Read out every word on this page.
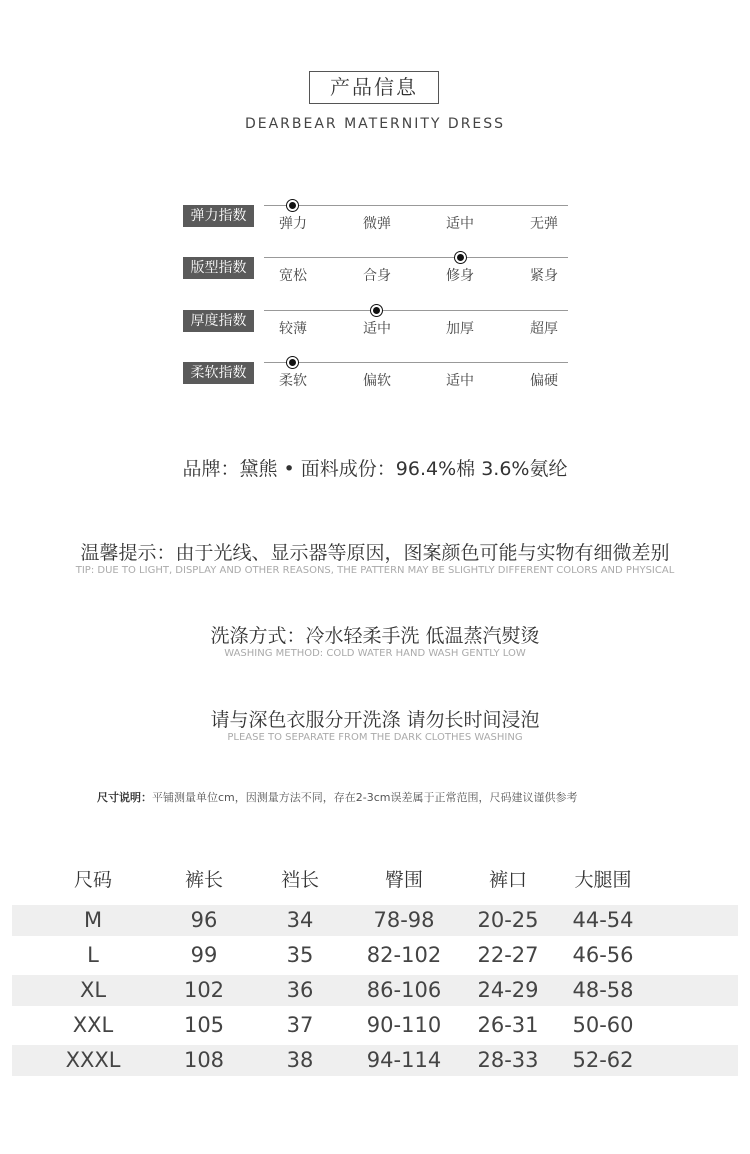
产品信息
DEARBEAR MATERNITY DRESS
弹力指数	弹力	微弹	适中	无弹
版型指数	宽松	合身	修身	紧身
厚度指数	较薄	适中	加厚	超厚
柔软指数	柔软	偏软	适中	偏硬
品牌：黛熊 • 面料成份：96.4%棉 3.6%氨纶
温馨提示：由于光线、显示器等原因，图案颜色可能与实物有细微差别
TIP: DUE TO LIGHT, DISPLAY AND OTHER REASONS, THE PATTERN MAY BE SLIGHTLY DIFFERENT COLORS AND PHYSICAL
洗涤方式：冷水轻柔手洗 低温蒸汽熨烫
WASHING METHOD: COLD WATER HAND WASH GENTLY LOW
请与深色衣服分开洗涤 请勿长时间浸泡
PLEASE TO SEPARATE FROM THE DARK CLOTHES WASHING
尺寸说明：平铺测量单位cm，因测量方法不同，存在2-3cm误差属于正常范围，尺码建议谨供参考
尺码	裤长	裆长	臀围	裤口	大腿围
M	96	34	78-98	20-25	44-54
L	99	35	82-102	22-27	46-56
XL	102	36	86-106	24-29	48-58
XXL	105	37	90-110	26-31	50-60
XXXL	108	38	94-114	28-33	52-62
